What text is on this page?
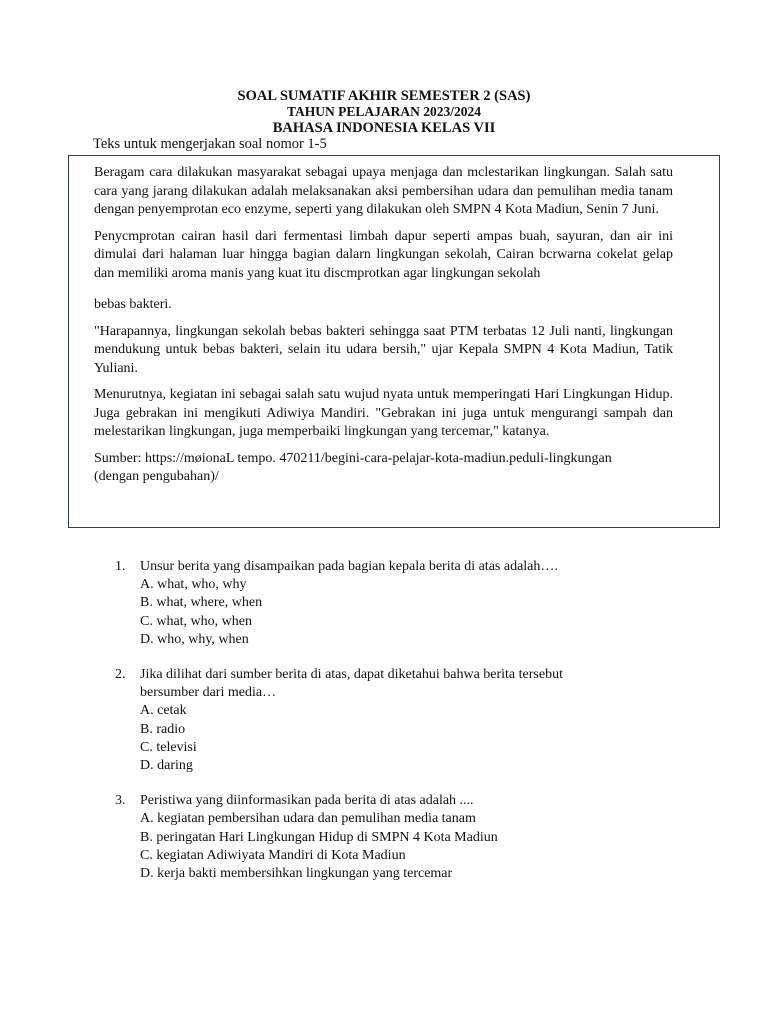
SOAL SUMATIF AKHIR SEMESTER 2 (SAS)
TAHUN PELAJARAN 2023/2024
BAHASA INDONESIA KELAS VII

Teks untuk mengerjakan soal nomor 1-5

Beragam cara dilakukan masyarakat sebagai upaya menjaga dan mclestarikan lingkungan. Salah satu cara yang jarang dilakukan adalah melaksanakan aksi pembersihan udara dan pemulihan media tanam dengan penyemprotan eco enzyme, seperti yang dilakukan oleh SMPN 4 Kota Madiun, Senin 7 Juni.

Penycmprotan cairan hasil dari fermentasi limbah dapur seperti ampas buah, sayuran, dan air ini dimulai dari halaman luar hingga bagian dalarn lingkungan sekolah, Cairan bcrwarna cokelat gelap dan memiliki aroma manis yang kuat itu discmprotkan agar lingkungan sekolah

bebas bakteri.

"Harapannya, lingkungan sekolah bebas bakteri sehingga saat PTM terbatas 12 Juli nanti, lingkungan mendukung untuk bebas bakteri, selain itu udara bersih," ujar Kepala SMPN 4 Kota Madiun, Tatik Yuliani.

Menurutnya, kegiatan ini sebagai salah satu wujud nyata untuk memperingati Hari Lingkungan Hidup. Juga gebrakan ini mengikuti Adiwiya Mandiri. "Gebrakan ini juga untuk mengurangi sampah dan melestarikan lingkungan, juga memperbaiki lingkungan yang tercemar," katanya.

Sumber: https://møionaL tempo. 470211/begini-cara-pelajar-kota-madiun.peduli-lingkungan
(dengan pengubahan)/

1. Unsur berita yang disampaikan pada bagian kepala berita di atas adalah….
A. what, who, why
B. what, where, when
C. what, who, when
D. who, why, when
2. Jika dilihat dari sumber berita di atas, dapat diketahui bahwa berita tersebut bersumber dari media…
A. cetak
B. radio
C. televisi
D. daring
3. Peristiwa yang diinformasikan pada berita di atas adalah ....
A. kegiatan pembersihan udara dan pemulihan media tanam
B. peringatan Hari Lingkungan Hidup di SMPN 4 Kota Madiun
C. kegiatan Adiwiyata Mandiri di Kota Madiun
D. kerja bakti membersihkan lingkungan yang tercemar
